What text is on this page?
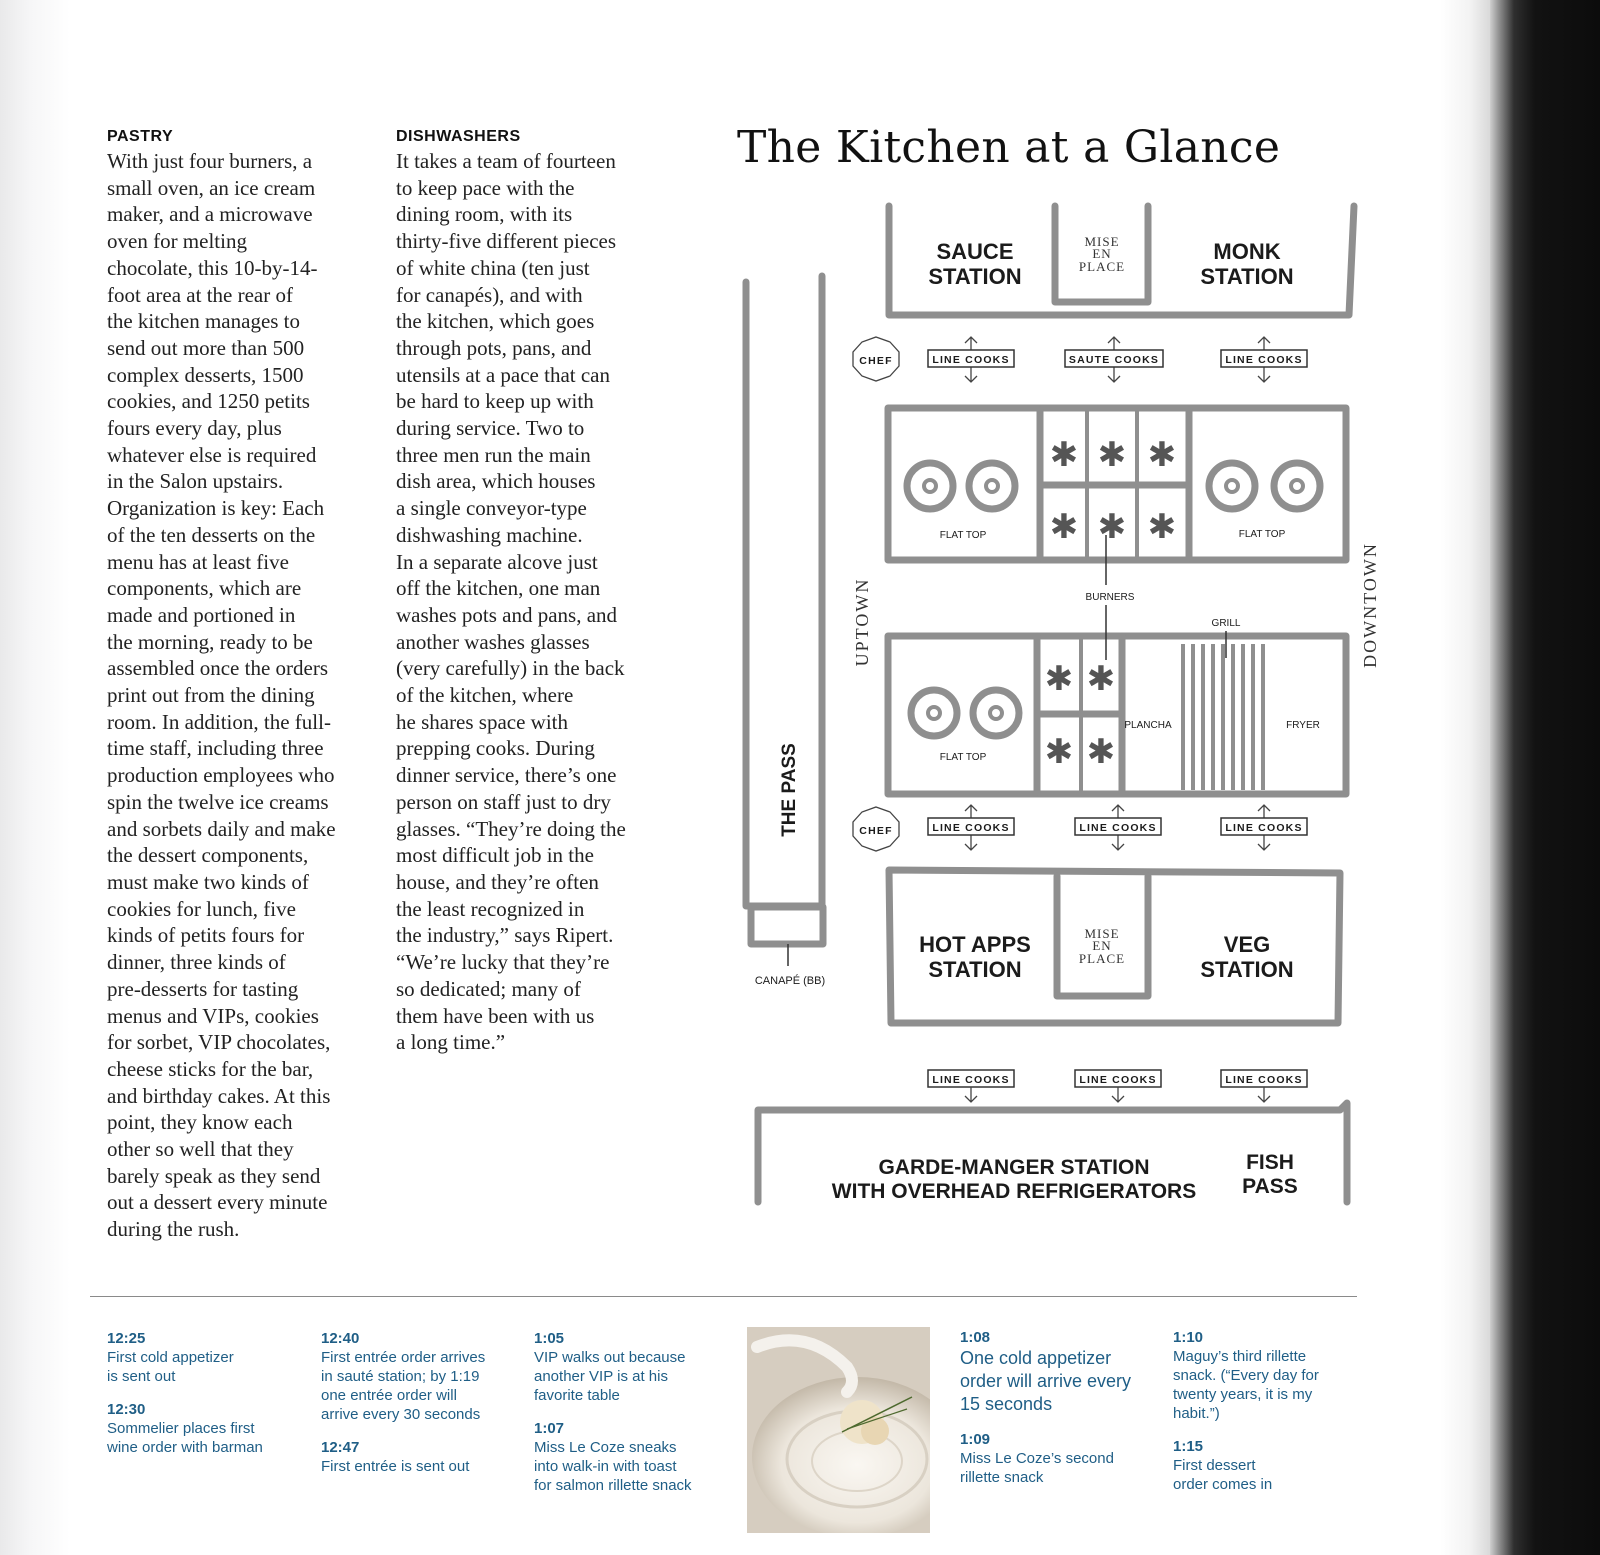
PASTRY
With just four burners, a
small oven, an ice cream
maker, and a microwave
oven for melting
chocolate, this 10-by-14-
foot area at the rear of
the kitchen manages to
send out more than 500
complex desserts, 1500
cookies, and 1250 petits
fours every day, plus
whatever else is required
in the Salon upstairs.
Organization is key: Each
of the ten desserts on the
menu has at least five
components, which are
made and portioned in
the morning, ready to be
assembled once the orders
print out from the dining
room. In addition, the full-
time staff, including three
production employees who
spin the twelve ice creams
and sorbets daily and make
the dessert components,
must make two kinds of
cookies for lunch, five
kinds of petits fours for
dinner, three kinds of
pre-desserts for tasting
menus and VIPs, cookies
for sorbet, VIP chocolates,
cheese sticks for the bar,
and birthday cakes. At this
point, they know each
other so well that they
barely speak as they send
out a dessert every minute
during the rush.
DISHWASHERS
It takes a team of fourteen
to keep pace with the
dining room, with its
thirty-five different pieces
of white china (ten just
for canapés), and with
the kitchen, which goes
through pots, pans, and
utensils at a pace that can
be hard to keep up with
during service. Two to
three men run the main
dish area, which houses
a single conveyor-type
dishwashing machine.
In a separate alcove just
off the kitchen, one man
washes pots and pans, and
another washes glasses
(very carefully) in the back
of the kitchen, where
he shares space with
prepping cooks. During
dinner service, there’s one
person on staff just to dry
glasses. “They’re doing the
most difficult job in the
house, and they’re often
the least recognized in
the industry,” says Ripert.
“We’re lucky that they’re
so dedicated; many of
them have been with us
a long time.”
The Kitchen at a Glance
✱ ✱ ✱
✱ ✱ ✱
✱ ✱
✱ ✱
SAUCE
STATION
MONK
STATION
MISE
EN
PLACE
FLAT TOP	FLAT TOP
FLAT TOP
BURNERS
GRILL
PLANCHA	FRYER
UPTOWN	DOWNTOWN
THE PASS
CANAPÉ (BB)
HOT APPS
STATION
VEG
STATION
MISE
EN
PLACE
GARDE-MANGER STATION
WITH OVERHEAD REFRIGERATORS
FISH
PASS
CHEF
CHEF
LINE COOKS	SAUTE COOKS	LINE COOKS
LINE COOKS	LINE COOKS	LINE COOKS
LINE COOKS	LINE COOKS	LINE COOKS
12:25
First cold appetizer
is sent out
12:30
Sommelier places first
wine order with barman
12:40
First entrée order arrives
in sauté station; by 1:19
one entrée order will
arrive every 30 seconds
12:47
First entrée is sent out
1:05
VIP walks out because
another VIP is at his
favorite table
1:07
Miss Le Coze sneaks
into walk-in with toast
for salmon rillette snack
1:08
One cold appetizer
order will arrive every
15 seconds
1:09
Miss Le Coze’s second
rillette snack
1:10
Maguy’s third rillette
snack. (“Every day for
twenty years, it is my
habit.”)
1:15
First dessert
order comes in
